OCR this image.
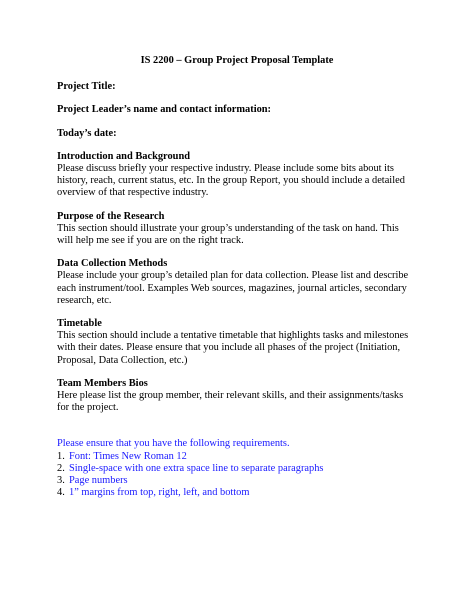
IS 2200 – Group Project Proposal Template

Project Title:

Project Leader’s name and contact information:

Today’s date:

Introduction and Background

Please discuss briefly your respective industry. Please include some bits about its history, reach, current status, etc. In the group Report, you should include a detailed overview of that respective industry.

Purpose of the Research

This section should illustrate your group’s understanding of the task on hand. This will help me see if you are on the right track.

Data Collection Methods

Please include your group’s detailed plan for data collection. Please list and describe each instrument/tool. Examples Web sources, magazines, journal articles, secondary research, etc.

Timetable

This section should include a tentative timetable that highlights tasks and milestones with their dates. Please ensure that you include all phases of the project (Initiation, Proposal, Data Collection, etc.)

Team Members Bios

Here please list the group member, their relevant skills, and their assignments/tasks for the project.

Please ensure that you have the following requirements.

1. Font: Times New Roman 12
2. Single-space with one extra space line to separate paragraphs
3. Page numbers
4. 1” margins from top, right, left, and bottom
